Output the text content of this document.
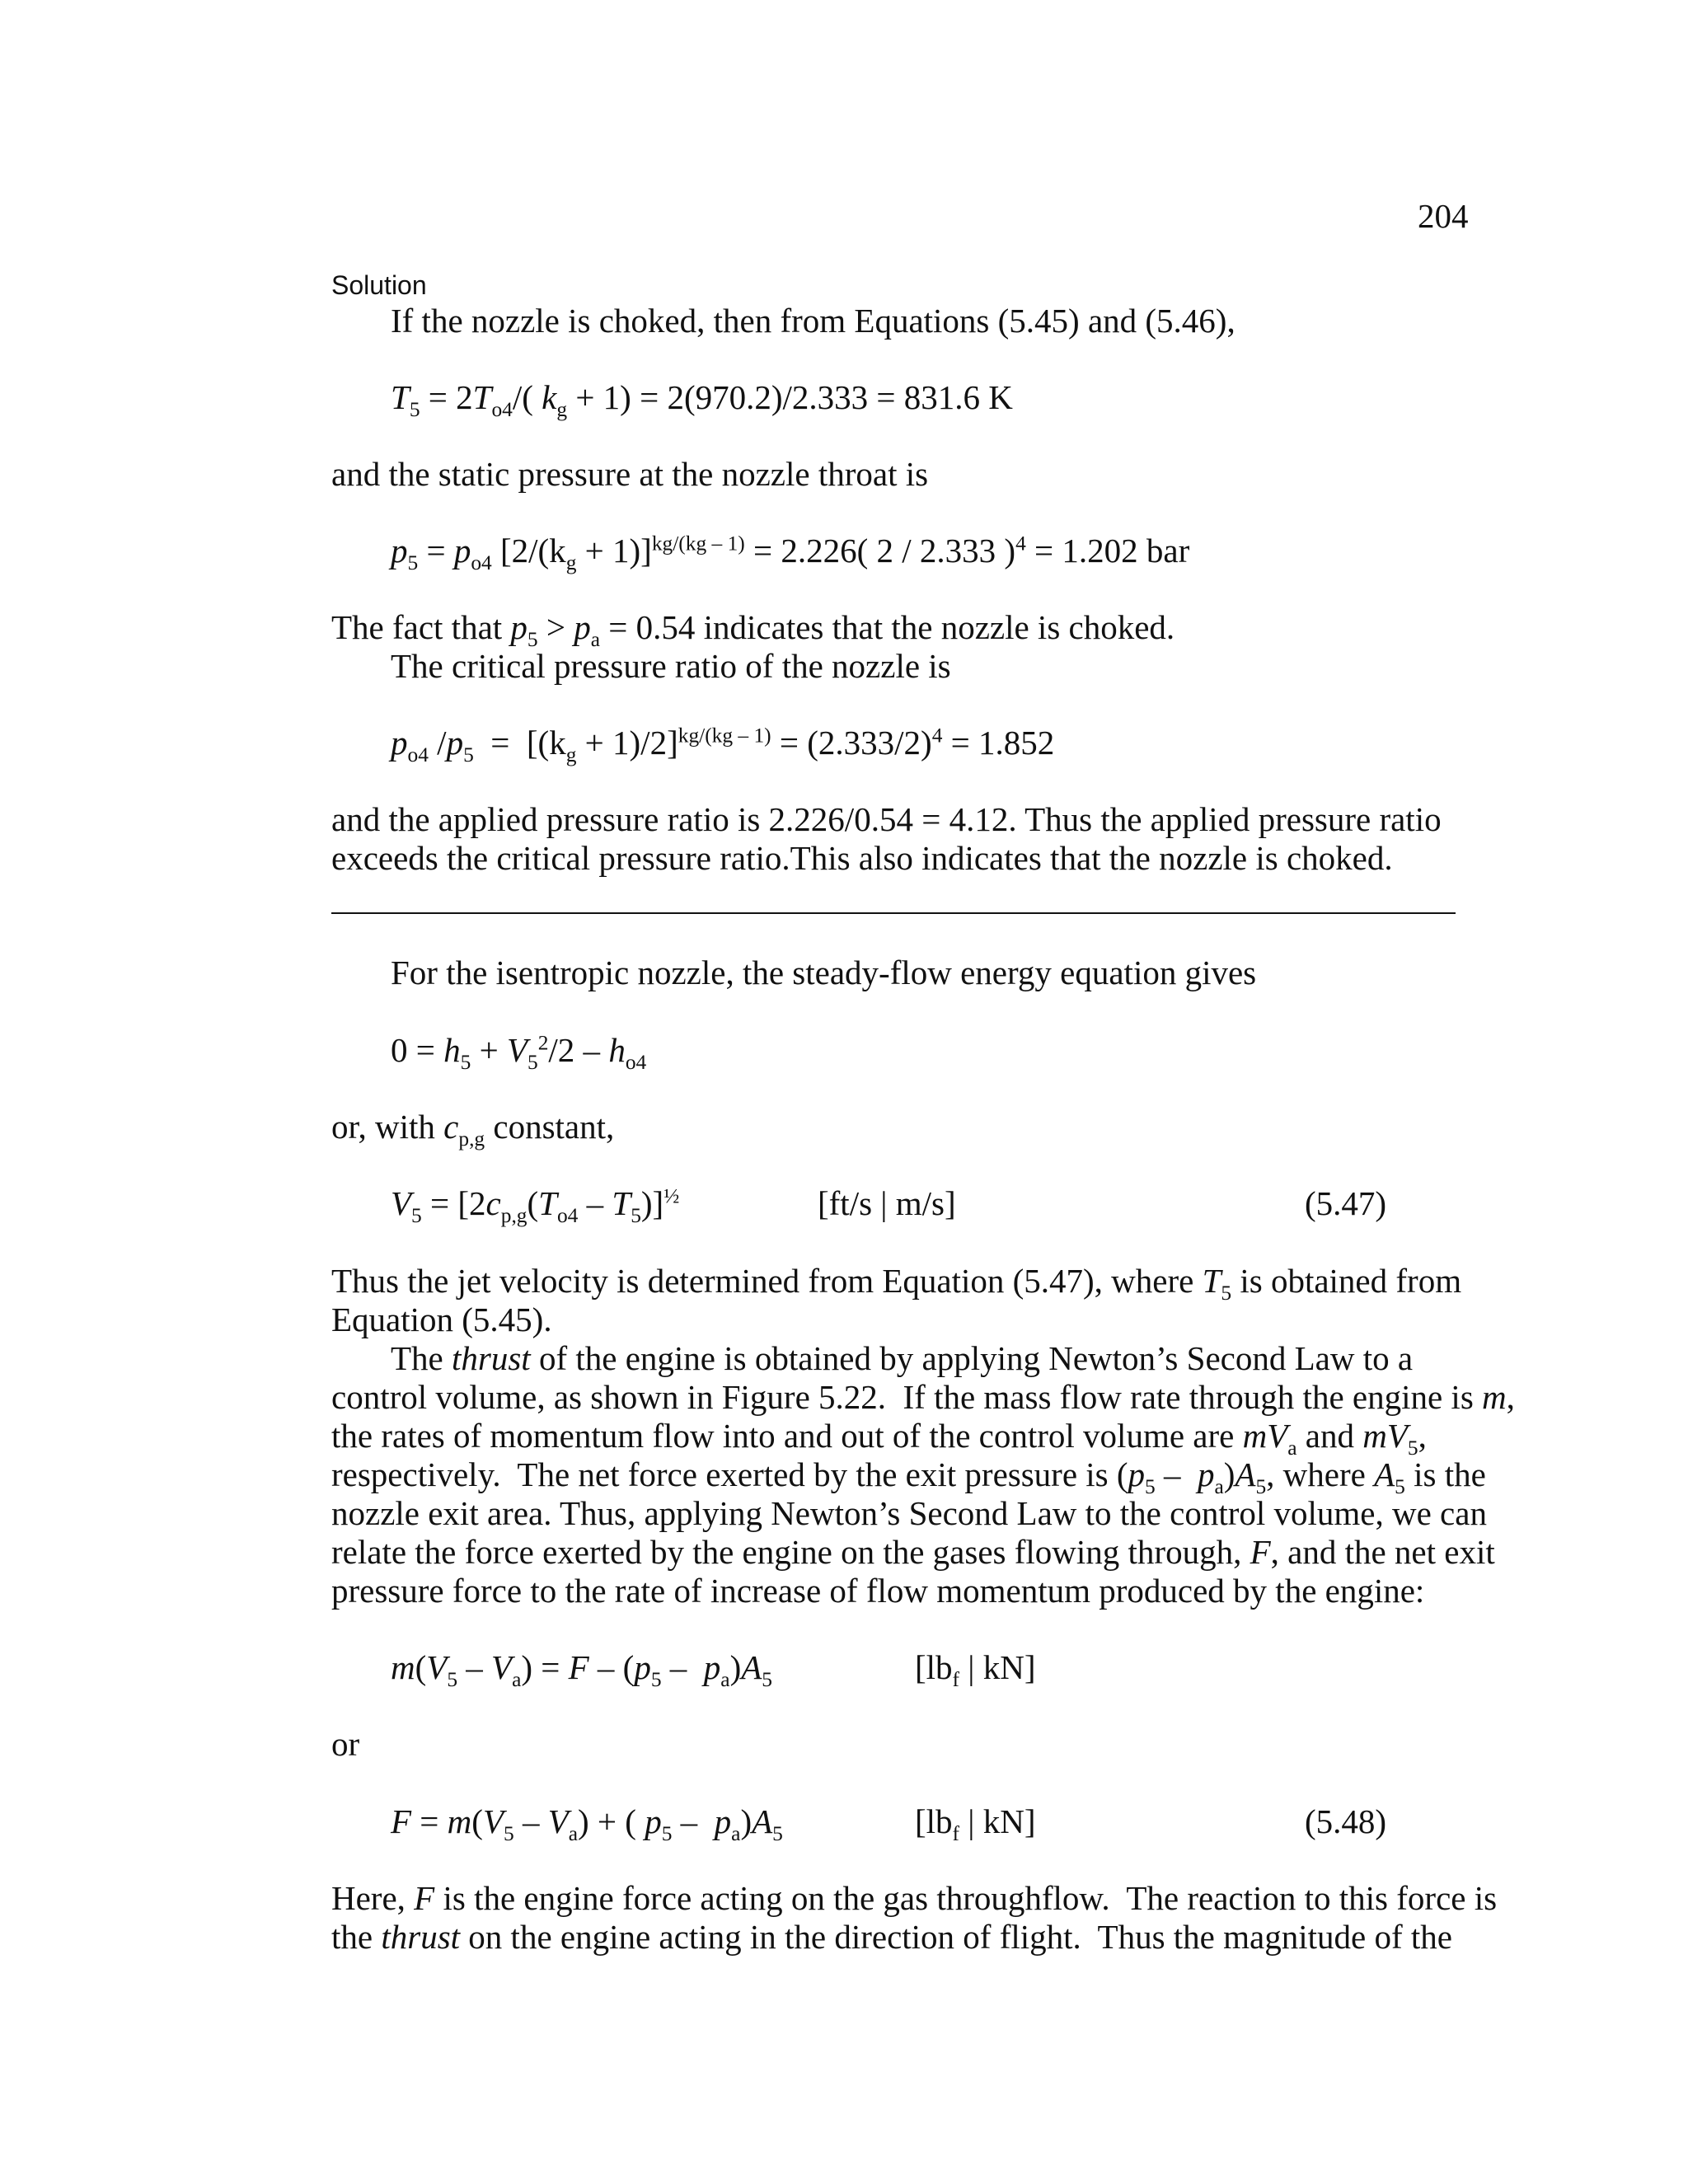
204
Solution
If the nozzle is choked, then from Equations (5.45) and (5.46),
$T_5 = 2T_{o4}/$( $k_g + 1) = 2(970.2)/2.333 = 831.6$ K
and the static pressure at the nozzle throat is
$p_5 = p_{o4}$ $[2/(k_g + 1)]^{kg/(kg - 1)} = 2.226$( 2 / 2.333 )$^4$ = 1.202 bar
The fact that $p_5 > p_a = 0.54$ indicates that the nozzle is choked.
The critical pressure ratio of the nozzle is
$p_{o4}$ $/p_5 = [(k_g + 1)/2]^{kg/(kg - 1)} = (2.333/2)^4 = 1.852$
and the applied pressure ratio is 2.226/0.54 = 4.12. Thus the applied pressure ratio
exceeds the critical pressure ratio.This also indicates that the nozzle is choked.
For the isentropic nozzle, the steady-flow energy equation gives
$0 = h_5 + V_5^2/2 - h_{o4}$
or, with $c_{p,g}$ constant,
$V_5 = [2c_{p,g}(T_{o4} - T_5)]^{\frac{1}{2}}$	[ft/s | m/s]	(5.47)
Thus the jet velocity is determined from Equation (5.47), where $T_5$ is obtained from
Equation (5.45).
The thrust of the engine is obtained by applying Newton’s Second Law to a
control volume, as shown in Figure 5.22.  If the mass flow rate through the engine is m,
the rates of momentum flow into and out of the control volume are $mV_a$ and $mV_5$,
respectively.  The net force exerted by the exit pressure is $(p_5 - p_a)A_5$, where $A_5$ is the
nozzle exit area. Thus, applying Newton’s Second Law to the control volume, we can
relate the force exerted by the engine on the gases flowing through, F, and the net exit
pressure force to the rate of increase of flow momentum produced by the engine:
$m(V_5 - V_a) = F - (p_5 - p_a)A_5$	[$lb_f$ | kN]
or
$F = m(V_5 - V_a)$ + ( $p_5 - p_a)A_5$	[$lb_f$ | kN]	(5.48)
Here, F is the engine force acting on the gas throughflow.  The reaction to this force is
the thrust on the engine acting in the direction of flight.  Thus the magnitude of the
